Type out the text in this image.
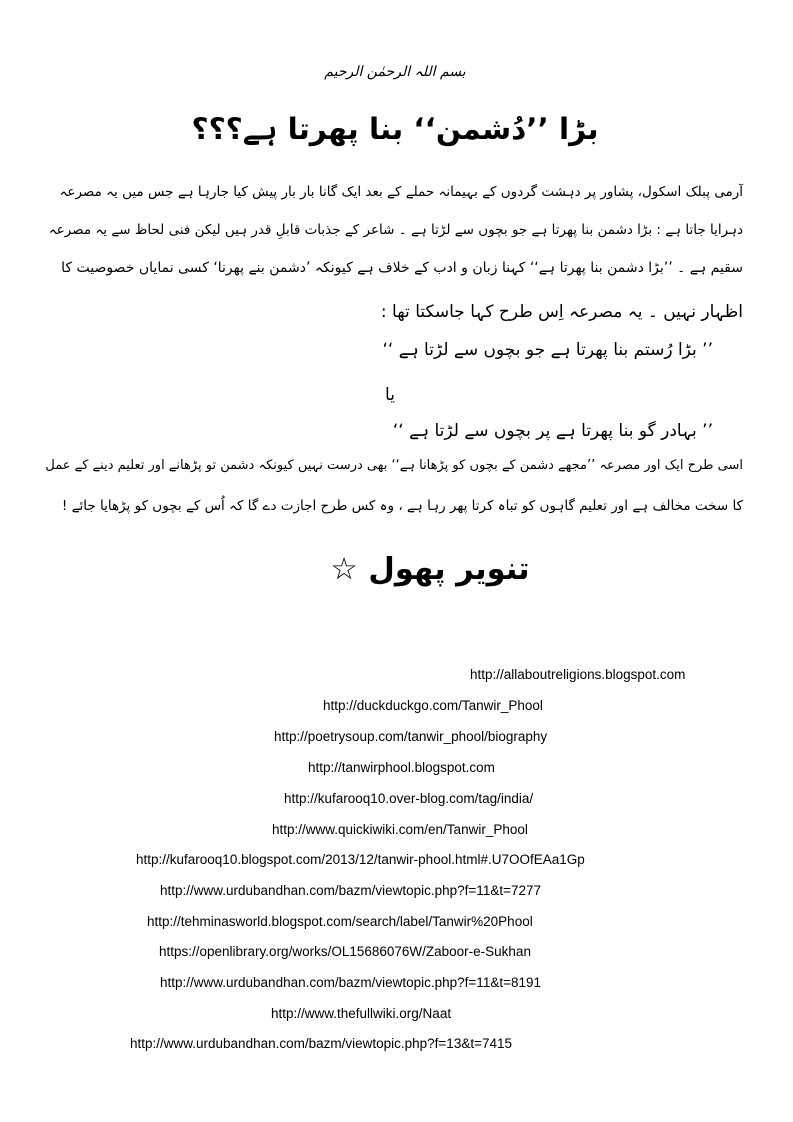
بسم اللہ الرحمٰن الرحیم
بڑا ’’دُشمن‘‘ بنا پھرتا ہے؟؟؟
آرمی پبلک اسکول، پشاور پر دہشت گردوں کے بہیمانہ حملے کے بعد ایک گانا بار بار پیش کیا جارہا ہے جس میں یہ مصرعہ
دہرایا جاتا ہے : بڑا دشمن بنا پھرتا ہے جو بچوں سے لڑتا ہے ۔ شاعر کے جذبات قابلِ قدر ہیں لیکن فنی لحاظ سے یہ مصرعہ
سقیم ہے ۔ ’’بڑا دشمن بنا پھرتا ہے‘‘ کہنا زبان و ادب کے خلاف ہے کیونکہ ’دشمن بنے پھرنا‘ کسی نمایاں خصوصیت کا
اظہار نہیں ۔ یہ مصرعہ اِس طرح کہا جاسکتا تھا :
’’ بڑا رُستم بنا پھرتا ہے جو بچوں سے لڑتا ہے ‘‘
یا
’’ بہادر گو بنا پھرتا ہے پر بچوں سے لڑتا ہے ‘‘
اسی طرح ایک اور مصرعہ ’’مجھے دشمن کے بچوں کو پڑھانا ہے‘‘ بھی درست نہیں کیونکہ دشمن تو پڑھانے اور تعلیم دینے کے عمل
کا سخت مخالف ہے اور تعلیم گاہوں کو تباہ کرتا پھر رہا ہے ، وہ کس طرح اجازت دے گا کہ اُس کے بچوں کو پڑھایا جائے !
تنویر پھول ☆
http://allaboutreligions.blogspot.com
http://duckduckgo.com/Tanwir_Phool
http://poetrysoup.com/tanwir_phool/biography
http://tanwirphool.blogspot.com
http://kufarooq10.over-blog.com/tag/india/
http://www.quickiwiki.com/en/Tanwir_Phool
http://kufarooq10.blogspot.com/2013/12/tanwir-phool.html#.U7OOfEAa1Gp
http://www.urdubandhan.com/bazm/viewtopic.php?f=11&t=7277
http://tehminasworld.blogspot.com/search/label/Tanwir%20Phool
https://openlibrary.org/works/OL15686076W/Zaboor-e-Sukhan
http://www.urdubandhan.com/bazm/viewtopic.php?f=11&t=8191
http://www.thefullwiki.org/Naat
http://www.urdubandhan.com/bazm/viewtopic.php?f=13&t=7415
